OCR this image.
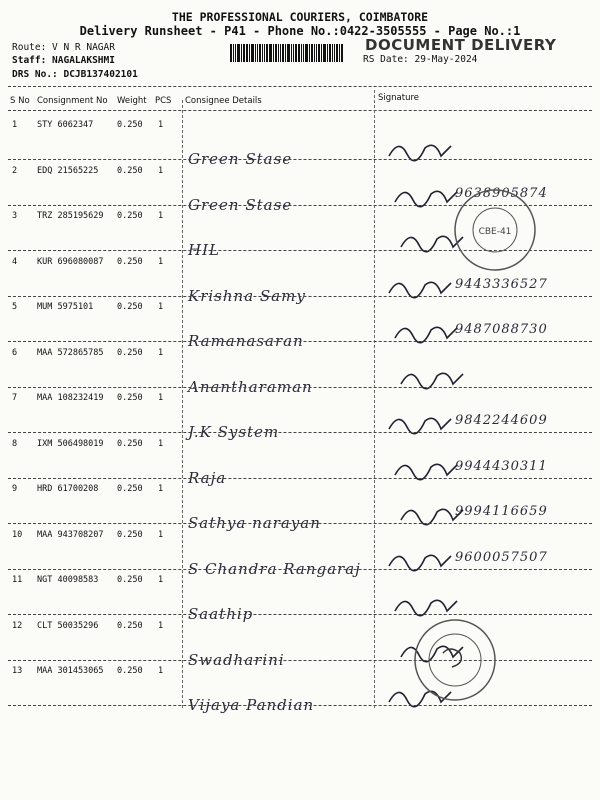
THE PROFESSIONAL COURIERS, COIMBATORE
Delivery Runsheet - P41 - Phone No.:0422-3505555 - Page No.:1
Route: V N R NAGAR
Staff: NAGALAKSHMI
DRS No.: DCJB137402101
DOCUMENT DELIVERY
RS Date: 29-May-2024
S No Consignment No Weight PCS Consignee Details	Signature
1 STY 6062347	0.250 1
Green Stase
2 EDQ 21565225 0.250 1
Green Stase
9638905874
3 TRZ 285195629 0.250 1
HIL
4 KUR 696080087 0.250 1
Krishna Samy
9443336527
5 MUM 5975101	0.250 1
Ramanasaran
9487088730
6 MAA 572865785 0.250 1
Anantharaman
7 MAA 108232419 0.250 1
J.K System
9842244609
8 IXM 506498019 0.250 1
Raja
9944430311
9 HRD 61700208 0.250 1
Sathya narayan
9994116659
10 MAA 943708207 0.250 1
S Chandra Rangaraj
9600057507
11 NGT 40098583 0.250 1
Saathip
12 CLT 50035296 0.250 1
Swadharini
13 MAA 301453065 0.250 1
Vijaya Pandian
CBE-41
